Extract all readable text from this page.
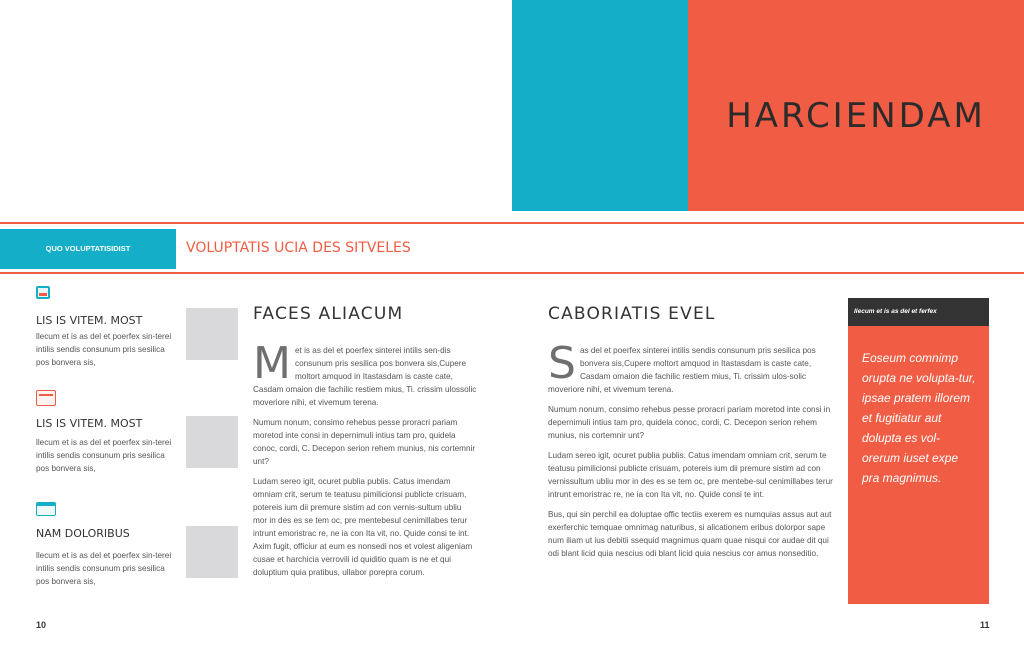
HARCIENDAM
QUO VOLUPTATISIDIST	VOLUPTATIS UCIA DES SITVELES
LIS IS VITEM. MOST

llecum et is as del et poerfex sin-terei intilis sendis consunum pris sesilica pos bonvera sis,

LIS IS VITEM. MOST

llecum et is as del et poerfex sin-terei intilis sendis consunum pris sesilica pos bonvera sis,

NAM DOLORIBUS

llecum et is as del et poerfex sin-terei intilis sendis consunum pris sesilica pos bonvera sis,

FACES ALIACUM

Met is as del et poerfex sinterei intilis sen-dis consunum pris sesilica pos bonvera sis,Cupere moltort amquod in Itastasdam is caste cate, Casdam omaion die fachilic restiem mius, Ti. crissim ulossolic moveriore nihi, et vivemum terena.

Numum nonum, consimo rehebus pesse proracri pariam moretod inte consi in depernimuli intius tam pro, quidela conoc, cordi, C. Decepon serion rehem munius, nis cortemnir unt?

Ludam sereo igit, ocuret publia publis. Catus imendam omniam crit, serum te teatusu pimilicionsi publicte crisuam, potereis ium dii premure sistim ad con vernis-sultum ubliu mor in des es se tem oc, pre mentebesul cenimillabes terur intrunt emoristrac re, ne ia con Ita vit, no. Quide consi te int. Axim fugit, officiur at eum es nonsedi nos et volest aligeniam cusae et harchicia verrovili id quiditio quam is ne et qui doluptium quia pratibus, ullabor porepra corum.

CABORIATIS EVEL

Sas del et poerfex sinterei intilis sendis consunum pris sesilica pos bonvera sis,Cupere moltort amquod in Itastasdam is caste cate, Casdam omaion die fachilic restiem mius, Ti. crissim ulos-solic moveriore nihi, et vivemum terena.

Numum nonum, consimo rehebus pesse proracri pariam moretod inte consi in depernimuli intius tam pro, quidela conoc, cordi, C. Decepon serion rehem munius, nis cortemnir unt?

Ludam sereo igit, ocuret publia publis. Catus imendam omniam crit, serum te teatusu pimilicionsi publicte crisuam, potereis ium dii premure sistim ad con vernissultum ubliu mor in des es se tem oc, pre mentebe-sul cenimillabes terur intrunt emoristrac re, ne ia con Ita vit, no. Quide consi te int.

Bus, qui sin perchil ea doluptae offic tectiis exerem es numquias assus aut aut exerferchic temquae omnimag naturibus, si alicationem eribus dolorpor sape num iliam ut ius debitii ssequid magnimus quam quae nisqui cor audae dit qui odi blant licid quia nescius odi blant licid quia nescius cor amus nonseditio.

llecum et is as del et ferfex
Eoseum comnimp orupta ne volupta-tur, ipsae pratem illorem et fugitiatur aut dolupta es vol-orerum iuset expe pra magnimus.
10	11
